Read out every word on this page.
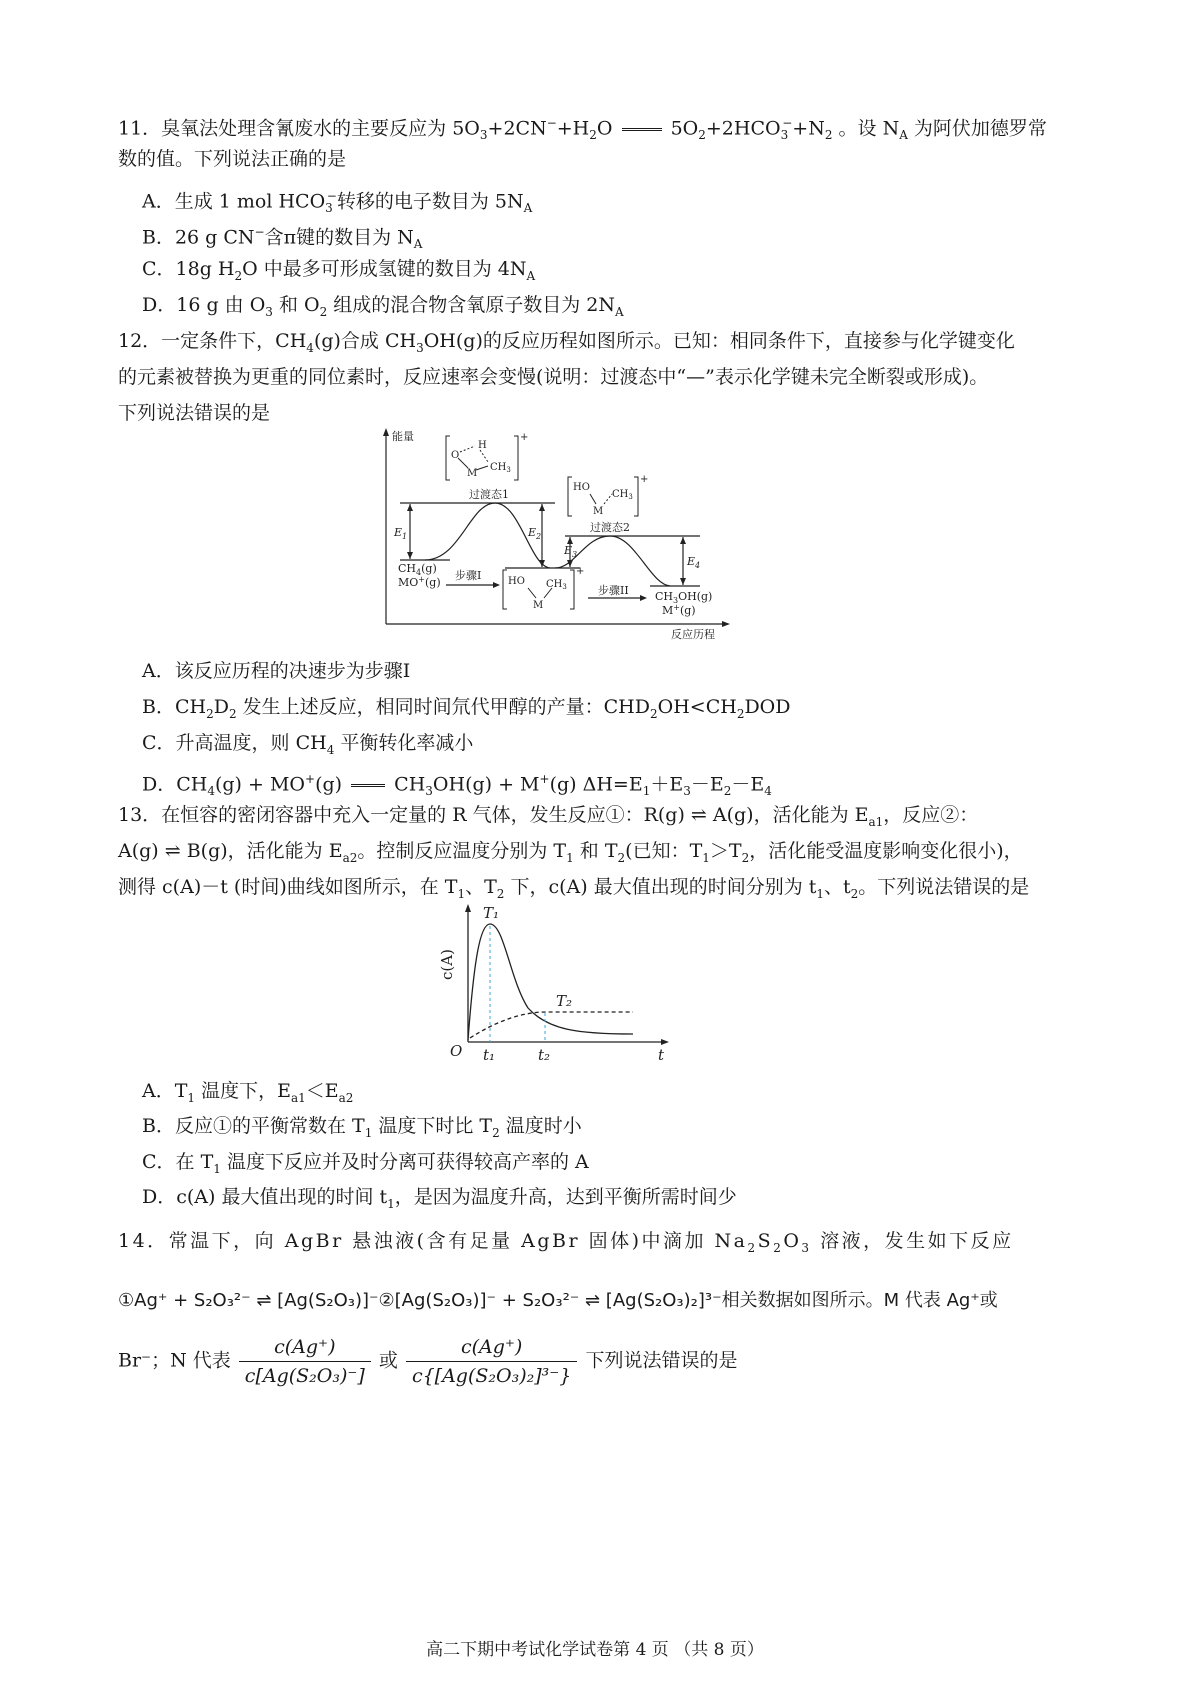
11．臭氧法处理含氰废水的主要反应为 $5O_3+2CN^-+H_2O$	$5O_2+2HCO_3^-+N_2$ 。设 $N_A$ 为阿伏加德罗常
数的值。下列说法正确的是
A．生成 1 mol $HCO_3^-$转移的电子数目为 $5N_A$
B．26 g CN−含π键的数目为 $N_A$
C．18g $H_2O$ 中最多可形成氢键的数目为 $4N_A$
D．16 g 由 $O_3$ 和 $O_2$ 组成的混合物含氧原子数目为 $2N_A$
12．一定条件下，$CH_4(g)$合成 $CH_3OH(g)$的反应历程如图所示。已知：相同条件下，直接参与化学键变化
的元素被替换为更重的同位素时，反应速率会变慢(说明：过渡态中“—”表示化学键未完全断裂或形成)。
下列说法错误的是
能量
反应历程
过渡态1
过渡态2
步骤I
步骤II
$E_1$	$E_2$
$E_3$
$E_4$
$CH_4(g)$
MO+(g)
$CH_3OH(g)$
M+(g)
O
H
M
$CH_3$
+
HO
$CH_3$
M
+
HO $CH_3$
M
+
A．该反应历程的决速步为步骤I
B．$CH_2D_2$ 发生上述反应，相同时间氘代甲醇的产量：$CHD_2OH<CH_2DOD$
C．升高温度，则 $CH_4$ 平衡转化率减小
D．$CH_4(g) + MO^+(g)$	$CH_3OH(g) + M^+(g)$ $\Delta H=E_1+E_3-E_2-E_4$
13．在恒容的密闭容器中充入一定量的 R 气体，发生反应①：R(g) ⇌ A(g)，活化能为 $E_{a1}$，反应②：
A(g) ⇌ B(g)，活化能为 $E_{a2}$。控制反应温度分别为 $T_1$ 和 $T_2$(已知：$T_1>T_2$，活化能受温度影响变化很小)，
测得 c(A)－t (时间)曲线如图所示，在 $T_1$、$T_2$ 下，c(A) 最大值出现的时间分别为 $t_1$、$t_2$。下列说法错误的是
c(A)
t
O
T₁
T₂
t₁	t₂
A．$T_1$ 温度下，$E_{a1}<E_{a2}$
B．反应①的平衡常数在 $T_1$ 温度下时比 $T_2$ 温度时小
C．在 $T_1$ 温度下反应并及时分离可获得较高产率的 A
D．c(A) 最大值出现的时间 $t_1$，是因为温度升高，达到平衡所需时间少
14．常温下，向 AgBr 悬浊液(含有足量 AgBr 固体)中滴加 $Na_2S_2O_3$ 溶液，发生如下反应
①Ag⁺ + S₂O₃²⁻ ⇌ [Ag(S₂O₃)]⁻②[Ag(S₂O₃)]⁻ + S₂O₃²⁻ ⇌ [Ag(S₂O₃)₂]³⁻相关数据如图所示。M 代表 Ag⁺或
Br⁻；N 代表 $\frac{c(Ag^+)}{\text{c[Ag(S₂O₃)⁻]}}$ 或 $\frac{c(Ag^+)}{\text{c\{[Ag(S₂O₃)₂]³⁻\}}}$ 下列说法错误的是
高二下期中考试化学试卷第 4 页 （共 8 页）
